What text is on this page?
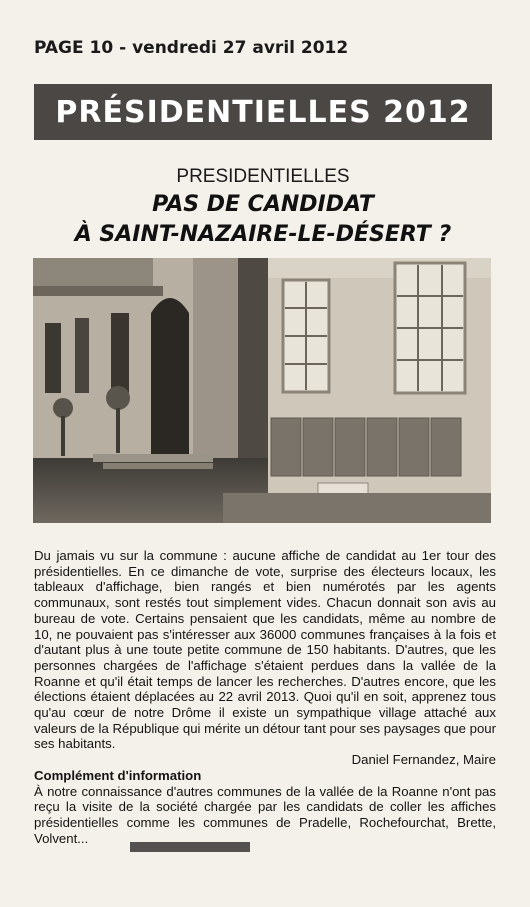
PAGE 10 - vendredi 27 avril 2012
PRÉSIDENTIELLES 2012
PRESIDENTIELLES
PAS DE CANDIDAT
À SAINT-NAZAIRE-LE-DÉSERT ?

Du jamais vu sur la commune : aucune affiche de candidat au 1er tour des présidentielles. En ce dimanche de vote, surprise des électeurs locaux, les tableaux d'affichage, bien rangés et bien numérotés par les agents communaux, sont restés tout simplement vides. Chacun donnait son avis au bureau de vote. Certains pensaient que les candidats, même au nombre de 10, ne pouvaient pas s'intéresser aux 36000 communes françaises à la fois et d'autant plus à une toute petite commune de 150 habitants. D'autres, que les personnes chargées de l'affichage s'étaient perdues dans la vallée de la Roanne et qu'il était temps de lancer les recherches. D'autres encore, que les élections étaient déplacées au 22 avril 2013. Quoi qu'il en soit, apprenez tous qu'au cœur de notre Drôme il existe un sympathique village attaché aux valeurs de la République qui mérite un détour tant pour ses paysages que pour ses habitants.

Daniel Fernandez, Maire

Complément d'information

À notre connaissance d'autres communes de la vallée de la Roanne n'ont pas reçu la visite de la société chargée par les candidats de coller les affiches présidentielles comme les communes de Pradelle, Rochefourchat, Brette, Volvent...
